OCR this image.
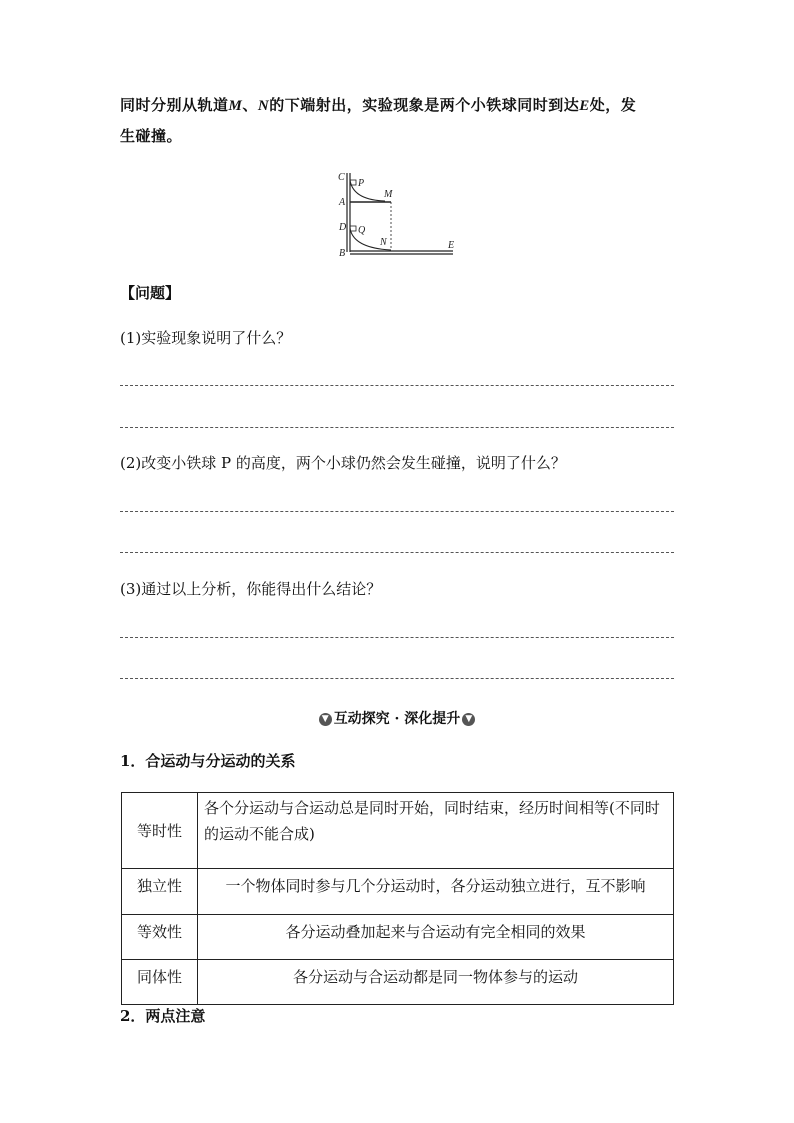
同时分别从轨道M、N的下端射出，实验现象是两个小铁球同时到达E处，发
生碰撞。
C
P
M
A
D Q
N
B
E
【问题】
(1)实验现象说明了什么？
(2)改变小铁球 P 的高度，两个小球仍然会发生碰撞，说明了什么？
(3)通过以上分析，你能得出什么结论？
▼ 互动探究 · 深化提升 ▼
1．合运动与分运动的关系
等时性	各个分运动与合运动总是同时开始，同时结束，经历时间相等(不同时的运动不能合成)
独立性	一个物体同时参与几个分运动时，各分运动独立进行，互不影响
等效性	各分运动叠加起来与合运动有完全相同的效果
同体性	各分运动与合运动都是同一物体参与的运动
2．两点注意
